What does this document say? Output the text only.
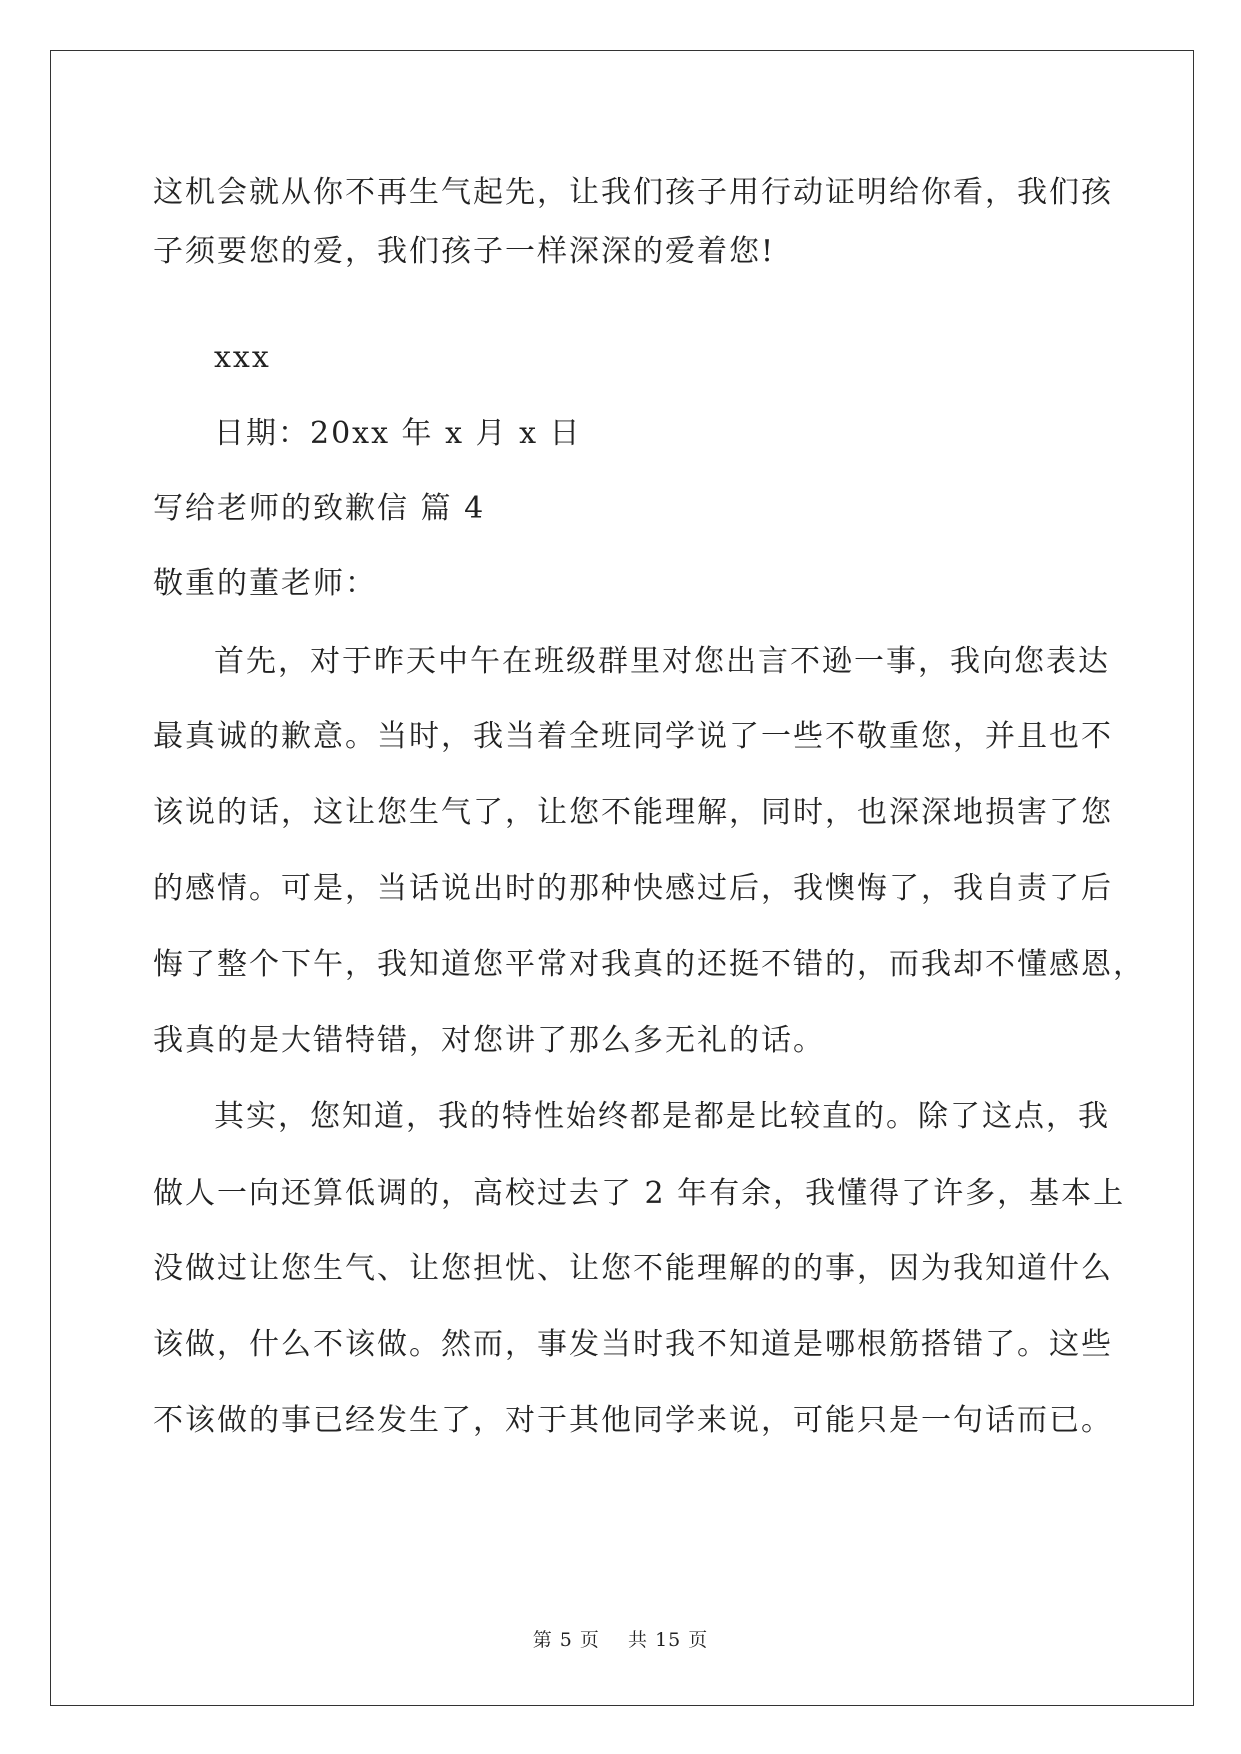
这机会就从你不再生气起先，让我们孩子用行动证明给你看，我们孩

子须要您的爱，我们孩子一样深深的爱着您!

xxx

日期：20xx 年 x 月 x 日

写给老师的致歉信 篇 4

敬重的董老师：

首先，对于昨天中午在班级群里对您出言不逊一事，我向您表达

最真诚的歉意。当时，我当着全班同学说了一些不敬重您，并且也不

该说的话，这让您生气了，让您不能理解，同时，也深深地损害了您

的感情。可是，当话说出时的那种快感过后，我懊悔了，我自责了后

悔了整个下午，我知道您平常对我真的还挺不错的，而我却不懂感恩，

我真的是大错特错，对您讲了那么多无礼的话。

其实，您知道，我的特性始终都是都是比较直的。除了这点，我

做人一向还算低调的，高校过去了 2 年有余，我懂得了许多，基本上

没做过让您生气、让您担忧、让您不能理解的的事，因为我知道什么

该做，什么不该做。然而，事发当时我不知道是哪根筋搭错了。这些

不该做的事已经发生了，对于其他同学来说，可能只是一句话而已。

第 5 页    共 15 页
